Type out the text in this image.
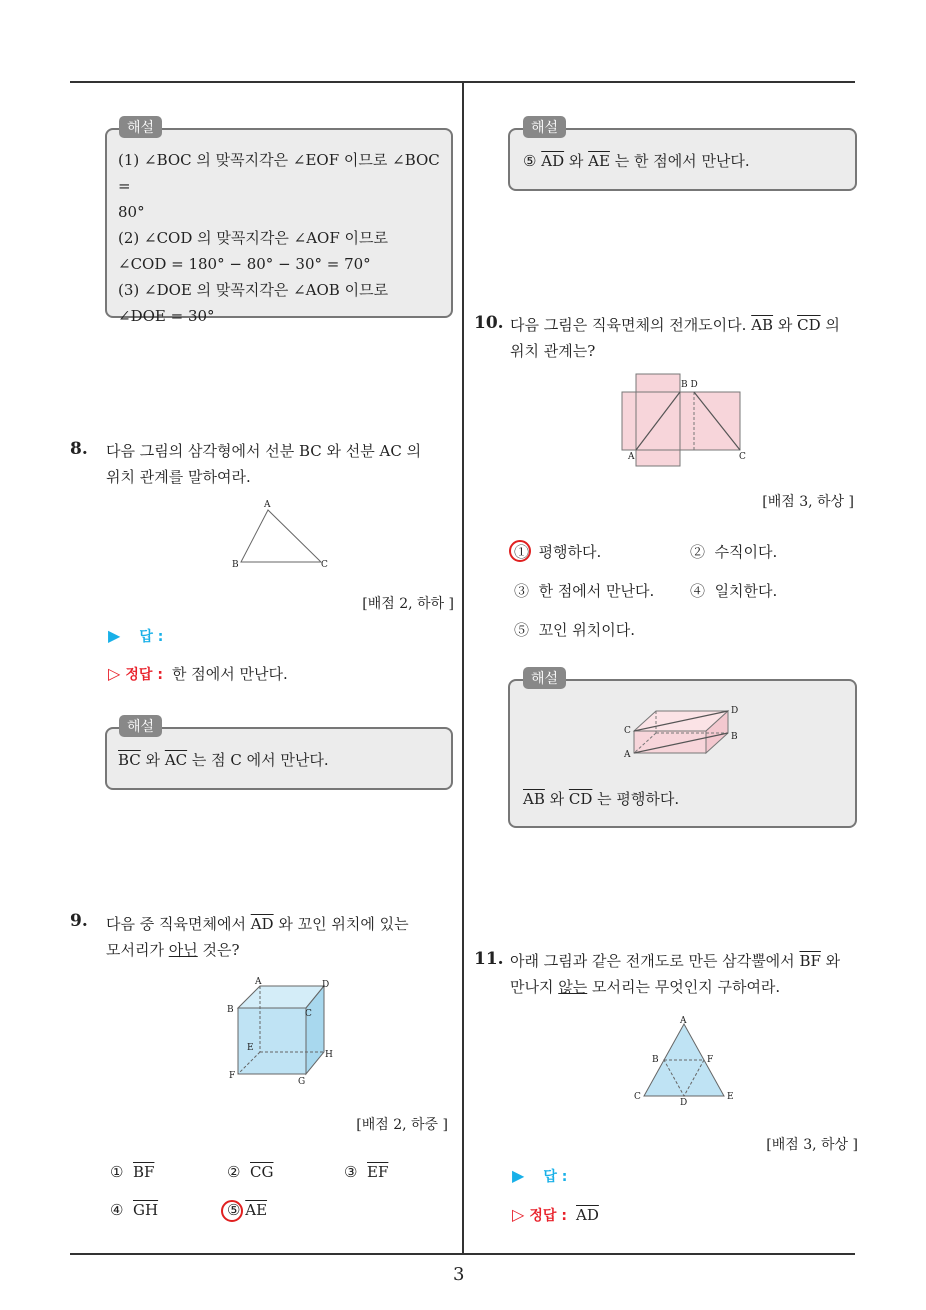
3
(1) ∠BOC 의 맞꼭지각은 ∠EOF 이므로 ∠BOC =
80°
(2) ∠COD 의 맞꼭지각은 ∠AOF 이므로
∠COD = 180° − 80° − 30° = 70°
(3) ∠DOE 의 맞꼭지각은 ∠AOB 이므로
∠DOE = 30°
해설
8. 다음 그림의 삼각형에서 선분 BC 와 선분 AC 의
위치 관계를 말하여라.
A
B	C
[배점 2, 하하 ]
▶ 답 :
▷ 정답 : 한 점에서 만난다.
$\overline{BC}$ 와 $\overline{AC}$ 는 점 C 에서 만난다.
해설
9. 다음 중 직육면체에서 $\overline{AD}$ 와 꼬인 위치에 있는
모서리가 아닌 것은?
A
B	C
D
E
F
G
H
[배점 2, 하중 ]
① $\overline{BF}$	② $\overline{CG}$	③ $\overline{EF}$
④ $\overline{GH}$	⑤ $\overline{AE}$
⑤ $\overline{AD}$ 와 $\overline{AE}$ 는 한 점에서 만난다.
해설
10. 다음 그림은 직육면체의 전개도이다. $\overline{AB}$ 와 $\overline{CD}$ 의
위치 관계는?
A
B D
C
[배점 3, 하상 ]
① 평행하다.	② 수직이다.
③ 한 점에서 만난다. ④ 일치한다.
⑤ 꼬인 위치이다.
C
A
D
B
$\overline{AB}$ 와 $\overline{CD}$ 는 평행하다.
해설
11. 아래 그림과 같은 전개도로 만든 삼각뿔에서 $\overline{BF}$ 와
만나지 않는 모서리는 무엇인지 구하여라.
A
B	F
C
D
E
[배점 3, 하상 ]
▶ 답 :
▷ 정답 : $\overline{AD}$
